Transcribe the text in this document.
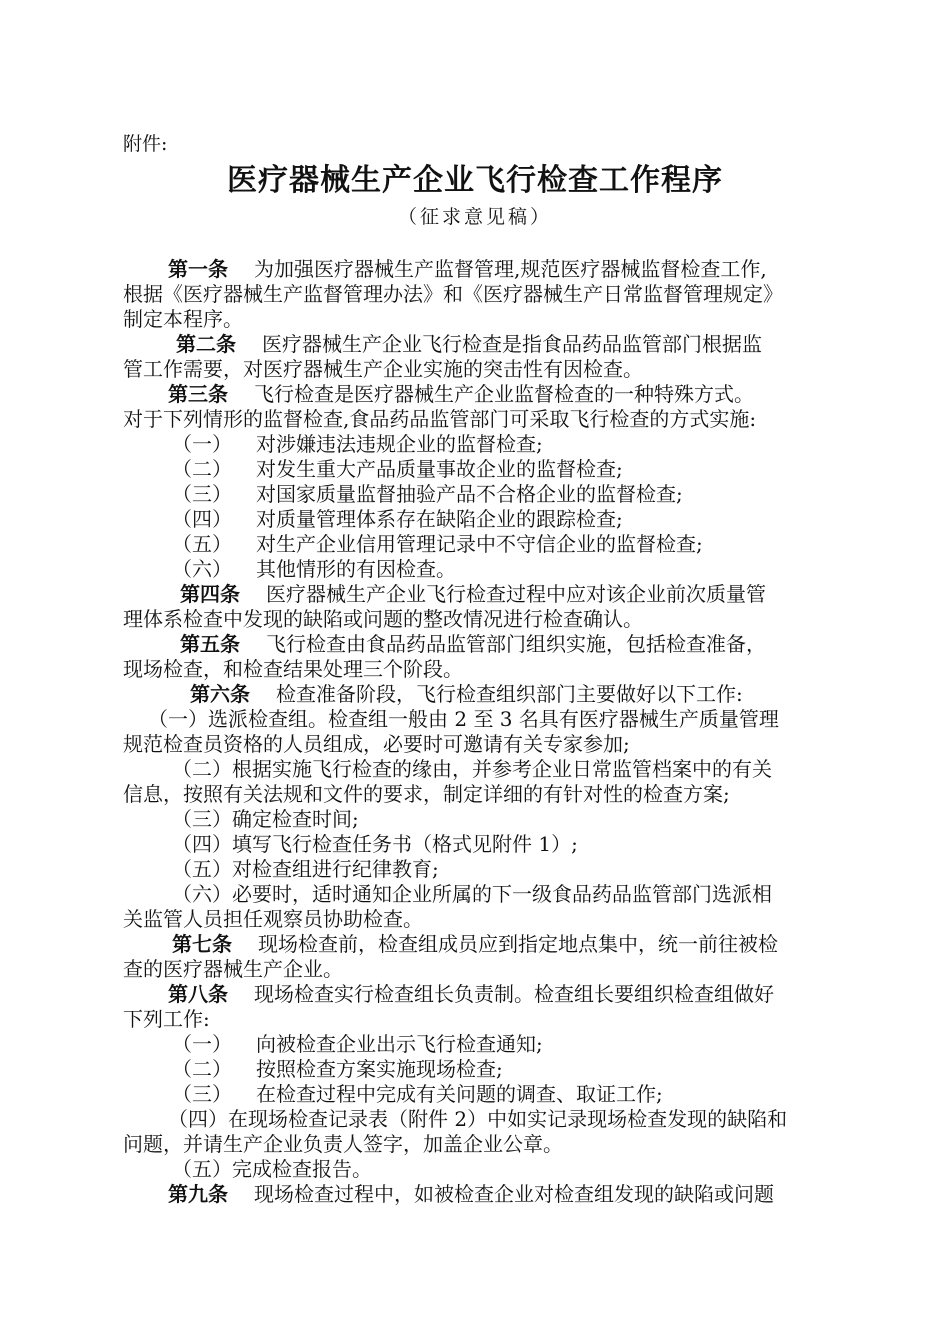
附件:
医疗器械生产企业飞行检查工作程序
（征求意见稿）
第一条 为加强医疗器械生产监督管理,规范医疗器械监督检查工作,
根据《医疗器械生产监督管理办法》和《医疗器械生产日常监督管理规定》
制定本程序。
第二条 医疗器械生产企业飞行检查是指食品药品监管部门根据监
管工作需要，对医疗器械生产企业实施的突击性有因检查。
第三条 飞行检查是医疗器械生产企业监督检查的一种特殊方式。
对于下列情形的监督检查,食品药品监管部门可采取飞行检查的方式实施:
（一） 对涉嫌违法违规企业的监督检查;
（二） 对发生重大产品质量事故企业的监督检查;
（三） 对国家质量监督抽验产品不合格企业的监督检查;
（四） 对质量管理体系存在缺陷企业的跟踪检查;
（五） 对生产企业信用管理记录中不守信企业的监督检查;
（六） 其他情形的有因检查。
第四条 医疗器械生产企业飞行检查过程中应对该企业前次质量管
理体系检查中发现的缺陷或问题的整改情况进行检查确认。
第五条 飞行检查由食品药品监管部门组织实施，包括检查准备，
现场检查，和检查结果处理三个阶段。
第六条 检查准备阶段，飞行检查组织部门主要做好以下工作:
（一）选派检查组。检查组一般由 2 至 3 名具有医疗器械生产质量管理
规范检查员资格的人员组成，必要时可邀请有关专家参加;
（二）根据实施飞行检查的缘由，并参考企业日常监管档案中的有关
信息，按照有关法规和文件的要求，制定详细的有针对性的检查方案;
（三）确定检查时间;
（四）填写飞行检查任务书（格式见附件 1）;
（五）对检查组进行纪律教育;
（六）必要时，适时通知企业所属的下一级食品药品监管部门选派相
关监管人员担任观察员协助检查。
第七条 现场检查前，检查组成员应到指定地点集中，统一前往被检
查的医疗器械生产企业。
第八条 现场检查实行检查组长负责制。检查组长要组织检查组做好
下列工作:
（一） 向被检查企业出示飞行检查通知;
（二） 按照检查方案实施现场检查;
（三） 在检查过程中完成有关问题的调查、取证工作;
（四）在现场检查记录表（附件 2）中如实记录现场检查发现的缺陷和
问题，并请生产企业负责人签字，加盖企业公章。
（五）完成检查报告。
第九条 现场检查过程中，如被检查企业对检查组发现的缺陷或问题
